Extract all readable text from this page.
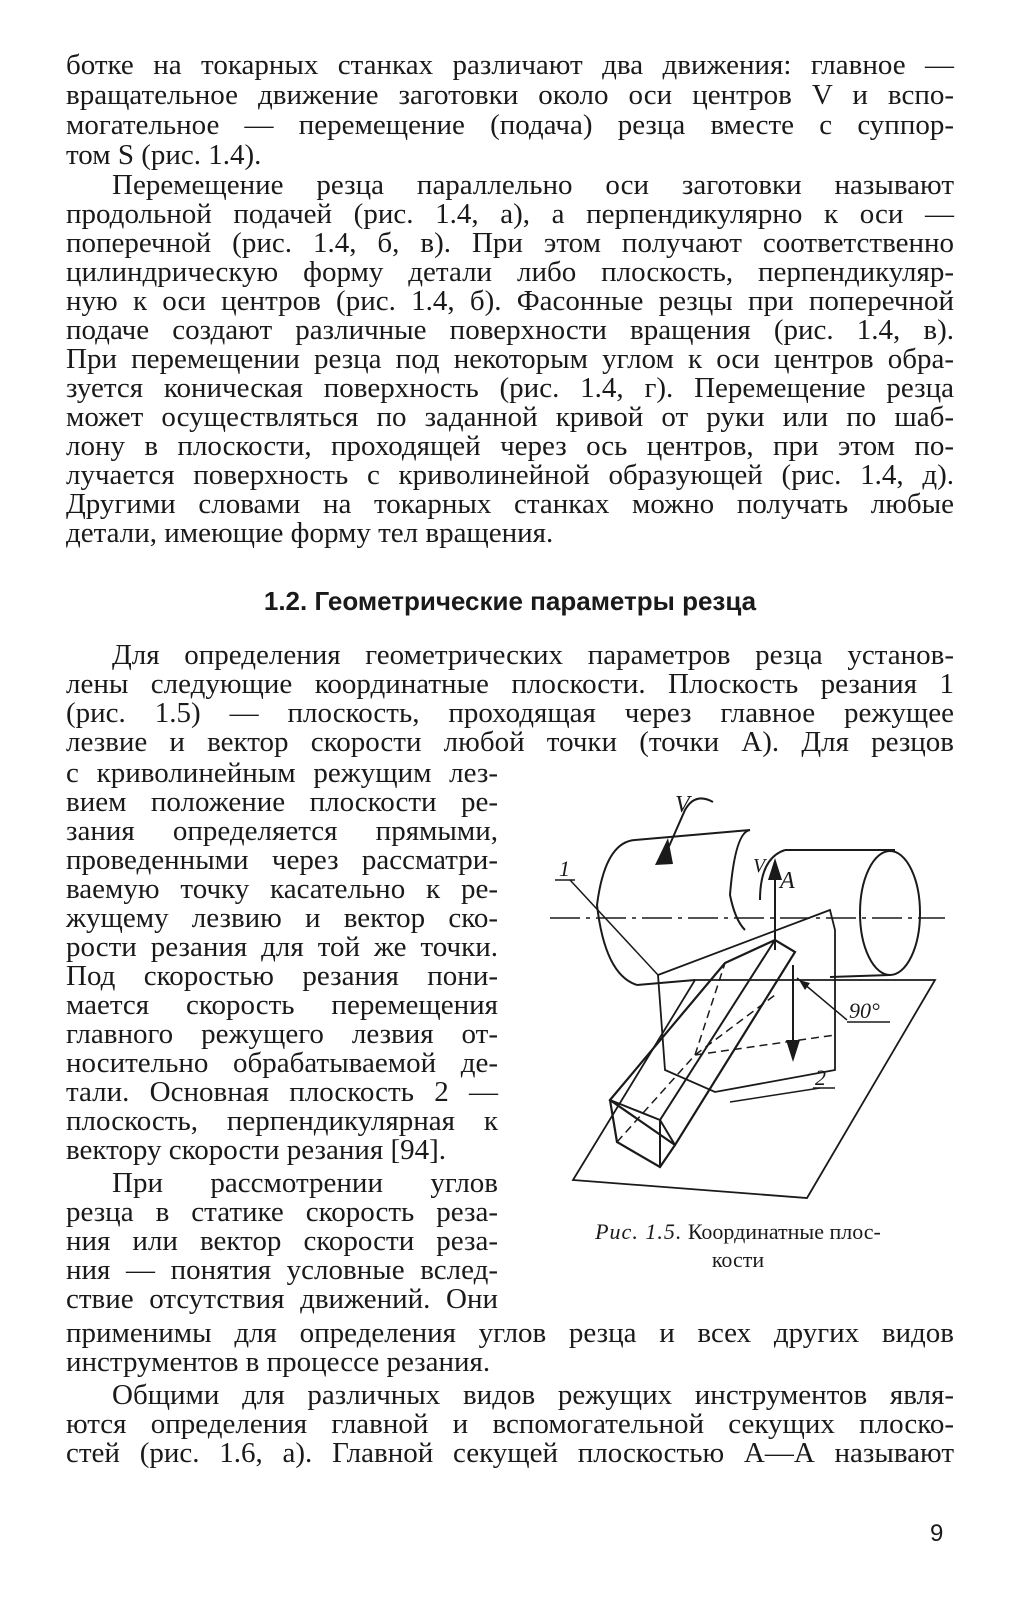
ботке на токарных станках различают два движения: главное —
вращательное движение заготовки около оси центров V и вспо-
могательное — перемещение (подача) резца вместе с суппор-
том S (рис. 1.4).
Перемещение резца параллельно оси заготовки называют
продольной подачей (рис. 1.4, а), а перпендикулярно к оси —
поперечной (рис. 1.4, б, в). При этом получают соответственно
цилиндрическую форму детали либо плоскость, перпендикуляр-
ную к оси центров (рис. 1.4, б). Фасонные резцы при поперечной
подаче создают различные поверхности вращения (рис. 1.4, в).
При перемещении резца под некоторым углом к оси центров обра-
зуется коническая поверхность (рис. 1.4, г). Перемещение резца
может осуществляться по заданной кривой от руки или по шаб-
лону в плоскости, проходящей через ось центров, при этом по-
лучается поверхность с криволинейной образующей (рис. 1.4, д).
Другими словами на токарных станках можно получать любые
детали, имеющие форму тел вращения.
1.2. Геометрические параметры резца
Для определения геометрических параметров резца установ-
лены следующие координатные плоскости. Плоскость резания 1
(рис. 1.5) — плоскость, проходящая через главное режущее
лезвие и вектор скорости любой точки (точки А). Для резцов
с криволинейным режущим лез-
вием положение плоскости ре-
зания определяется прямыми,
проведенными через рассматри-
ваемую точку касательно к ре-
жущему лезвию и вектор ско-
рости резания для той же точки.
Под скоростью резания пони-
мается скорость перемещения
главного режущего лезвия от-
носительно обрабатываемой де-
тали. Основная плоскость 2 —
плоскость, перпендикулярная к
вектору скорости резания [94].
При рассмотрении углов
резца в статике скорость реза-
ния или вектор скорости реза-
ния — понятия условные вслед-
ствие отсутствия движений. Они
применимы для определения углов резца и всех других видов
инструментов в процессе резания.
Общими для различных видов режущих инструментов явля-
ются определения главной и вспомогательной секущих плоско-
стей (рис. 1.6, а). Главной секущей плоскостью А—А называют
V
V
A
1
2
90°
Рис. 1.5. Координатные плос-
кости
9
